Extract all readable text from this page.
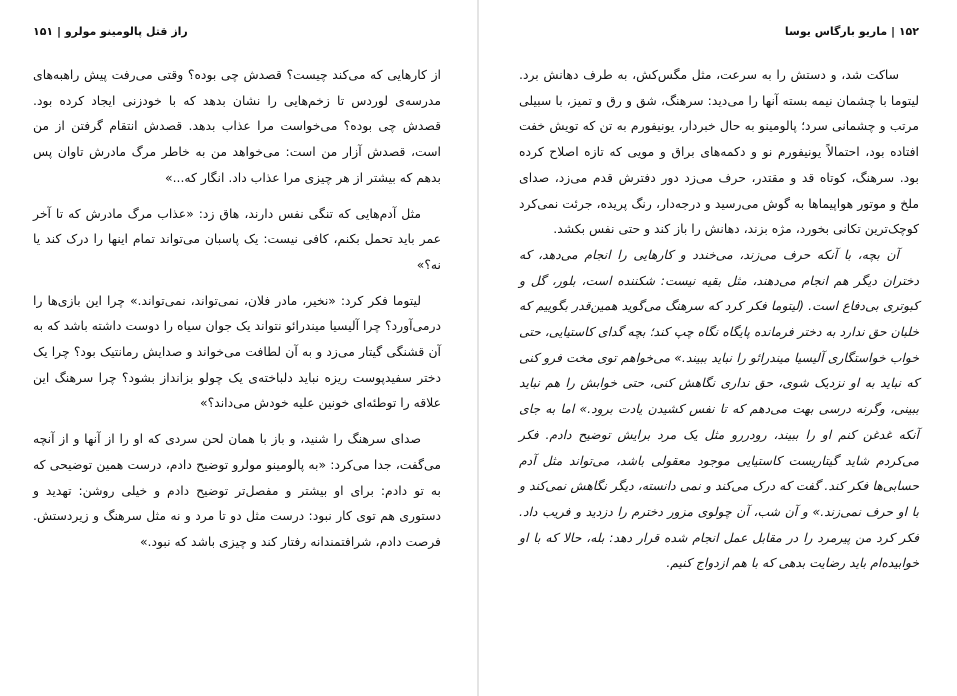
راز قتل پالومینو مولرو | ۱۵۱

از کارهایی که می‌کند چیست؟ قصدش چی بوده؟ وقتی می‌رفت پیش راهبه‌های مدرسه‌ی لوردس تا زخم‌هایی را نشان بدهد که با خودزنی ایجاد کرده بود. قصدش چی بوده؟ می‌خواست مرا عذاب بدهد. قصدش انتقام گرفتن از من است، قصدش آزار من است: می‌خواهد من به خاطر مرگ مادرش تاوان پس بدهم که بیشتر از هر چیزی مرا عذاب داد. انگار که...»

مثل آدم‌هایی که تنگی نفس دارند، هاق زد: «عذاب مرگ مادرش که تا آخر عمر باید تحمل بکنم، کافی نیست: یک پاسبان می‌تواند تمام اینها را درک کند یا نه؟»

لیتوما فکر کرد: «نخیر، مادر فلان، نمی‌تواند، نمی‌تواند.» چرا این بازی‌ها را درمی‌آورد؟ چرا آلیسیا میندرائو نتواند یک جوان سیاه را دوست داشته باشد که به آن قشنگی گیتار می‌زد و به آن لطافت می‌خواند و صدایش رمانتیک بود؟ چرا یک دختر سفیدپوست ریزه نباید دلباخته‌ی یک چولو بزانداز بشود؟ چرا سرهنگ این علاقه را توطئه‌ای خونین علیه خودش می‌داند؟»

صدای سرهنگ را شنید، و باز با همان لحن سردی که او را از آنها و از آنچه می‌گفت، جدا می‌کرد: «به پالومینو مولرو توضیح دادم، درست همین توضیحی که به تو دادم: برای او بیشتر و مفصل‌تر توضیح دادم و خیلی روشن: تهدید و دستوری هم توی کار نبود: درست مثل دو تا مرد و نه مثل سرهنگ و زیردستش. فرصت دادم، شرافتمندانه رفتار کند و چیزی باشد که نبود.»

۱۵۲ | ماریو بارگاس یوسا

ساکت شد، و دستش را به سرعت، مثل مگس‌کش، به طرف دهانش برد. لیتوما با چشمان نیمه بسته آنها را می‌دید: سرهنگ، شق و رق و تمیز، با سبیلی مرتب و چشمانی سرد؛ پالومینو به حال خبردار، یونیفورم به تن که تویش خفت افتاده بود، احتمالاً یونیفورم نو و دکمه‌های براق و مویی که تازه اصلاح کرده بود. سرهنگ، کوتاه قد و مقتدر، حرف می‌زد دور دفترش قدم می‌زد، صدای ملخ و موتور هواپیماها به گوش می‌رسید و درجه‌دار، رنگ پریده، جرئت نمی‌کرد کوچک‌ترین تکانی بخورد، مژه بزند، دهانش را باز کند و حتی نفس بکشد.

آن بچه، با آنکه حرف می‌زند، می‌خندد و کارهایی را انجام می‌دهد، که دختران دیگر هم انجام می‌دهند، مثل بقیه نیست: شکننده است، بلور، گل و کبوتری بی‌دفاع است. (لیتوما فکر کرد که سرهنگ می‌گوید همین‌قدر بگوییم که خلبان حق ندارد به دختر فرمانده پایگاه نگاه چپ کند؛ بچه گدای کاستیایی، حتی خواب خواستگاری آلیسیا میندرائو را نباید ببیند.» می‌خواهم توی مخت فرو کنی که نباید به او نزدیک شوی، حق نداری نگاهش کنی، حتی خوابش را هم نباید ببینی، وگرنه درسی بهت می‌دهم که تا نفس کشیدن یادت برود.» اما به جای آنکه غدغن کنم او را ببیند، رودررو مثل یک مرد برایش توضیح دادم. فکر می‌کردم شاید گیتاریست کاستیایی موجود معقولی باشد، می‌تواند مثل آدم حسابی‌ها فکر کند. گفت که درک می‌کند و نمی دانسته، دیگر نگاهش نمی‌کند و با او حرف نمی‌زند.» و آن شب، آن چولوی مزور دخترم را دزدید و فریب داد. فکر کرد من پیرمرد را در مقابل عمل انجام شده قرار دهد: بله، حالا که با او خوابیده‌ام باید رضایت بدهی که با هم ازدواج کنیم.
